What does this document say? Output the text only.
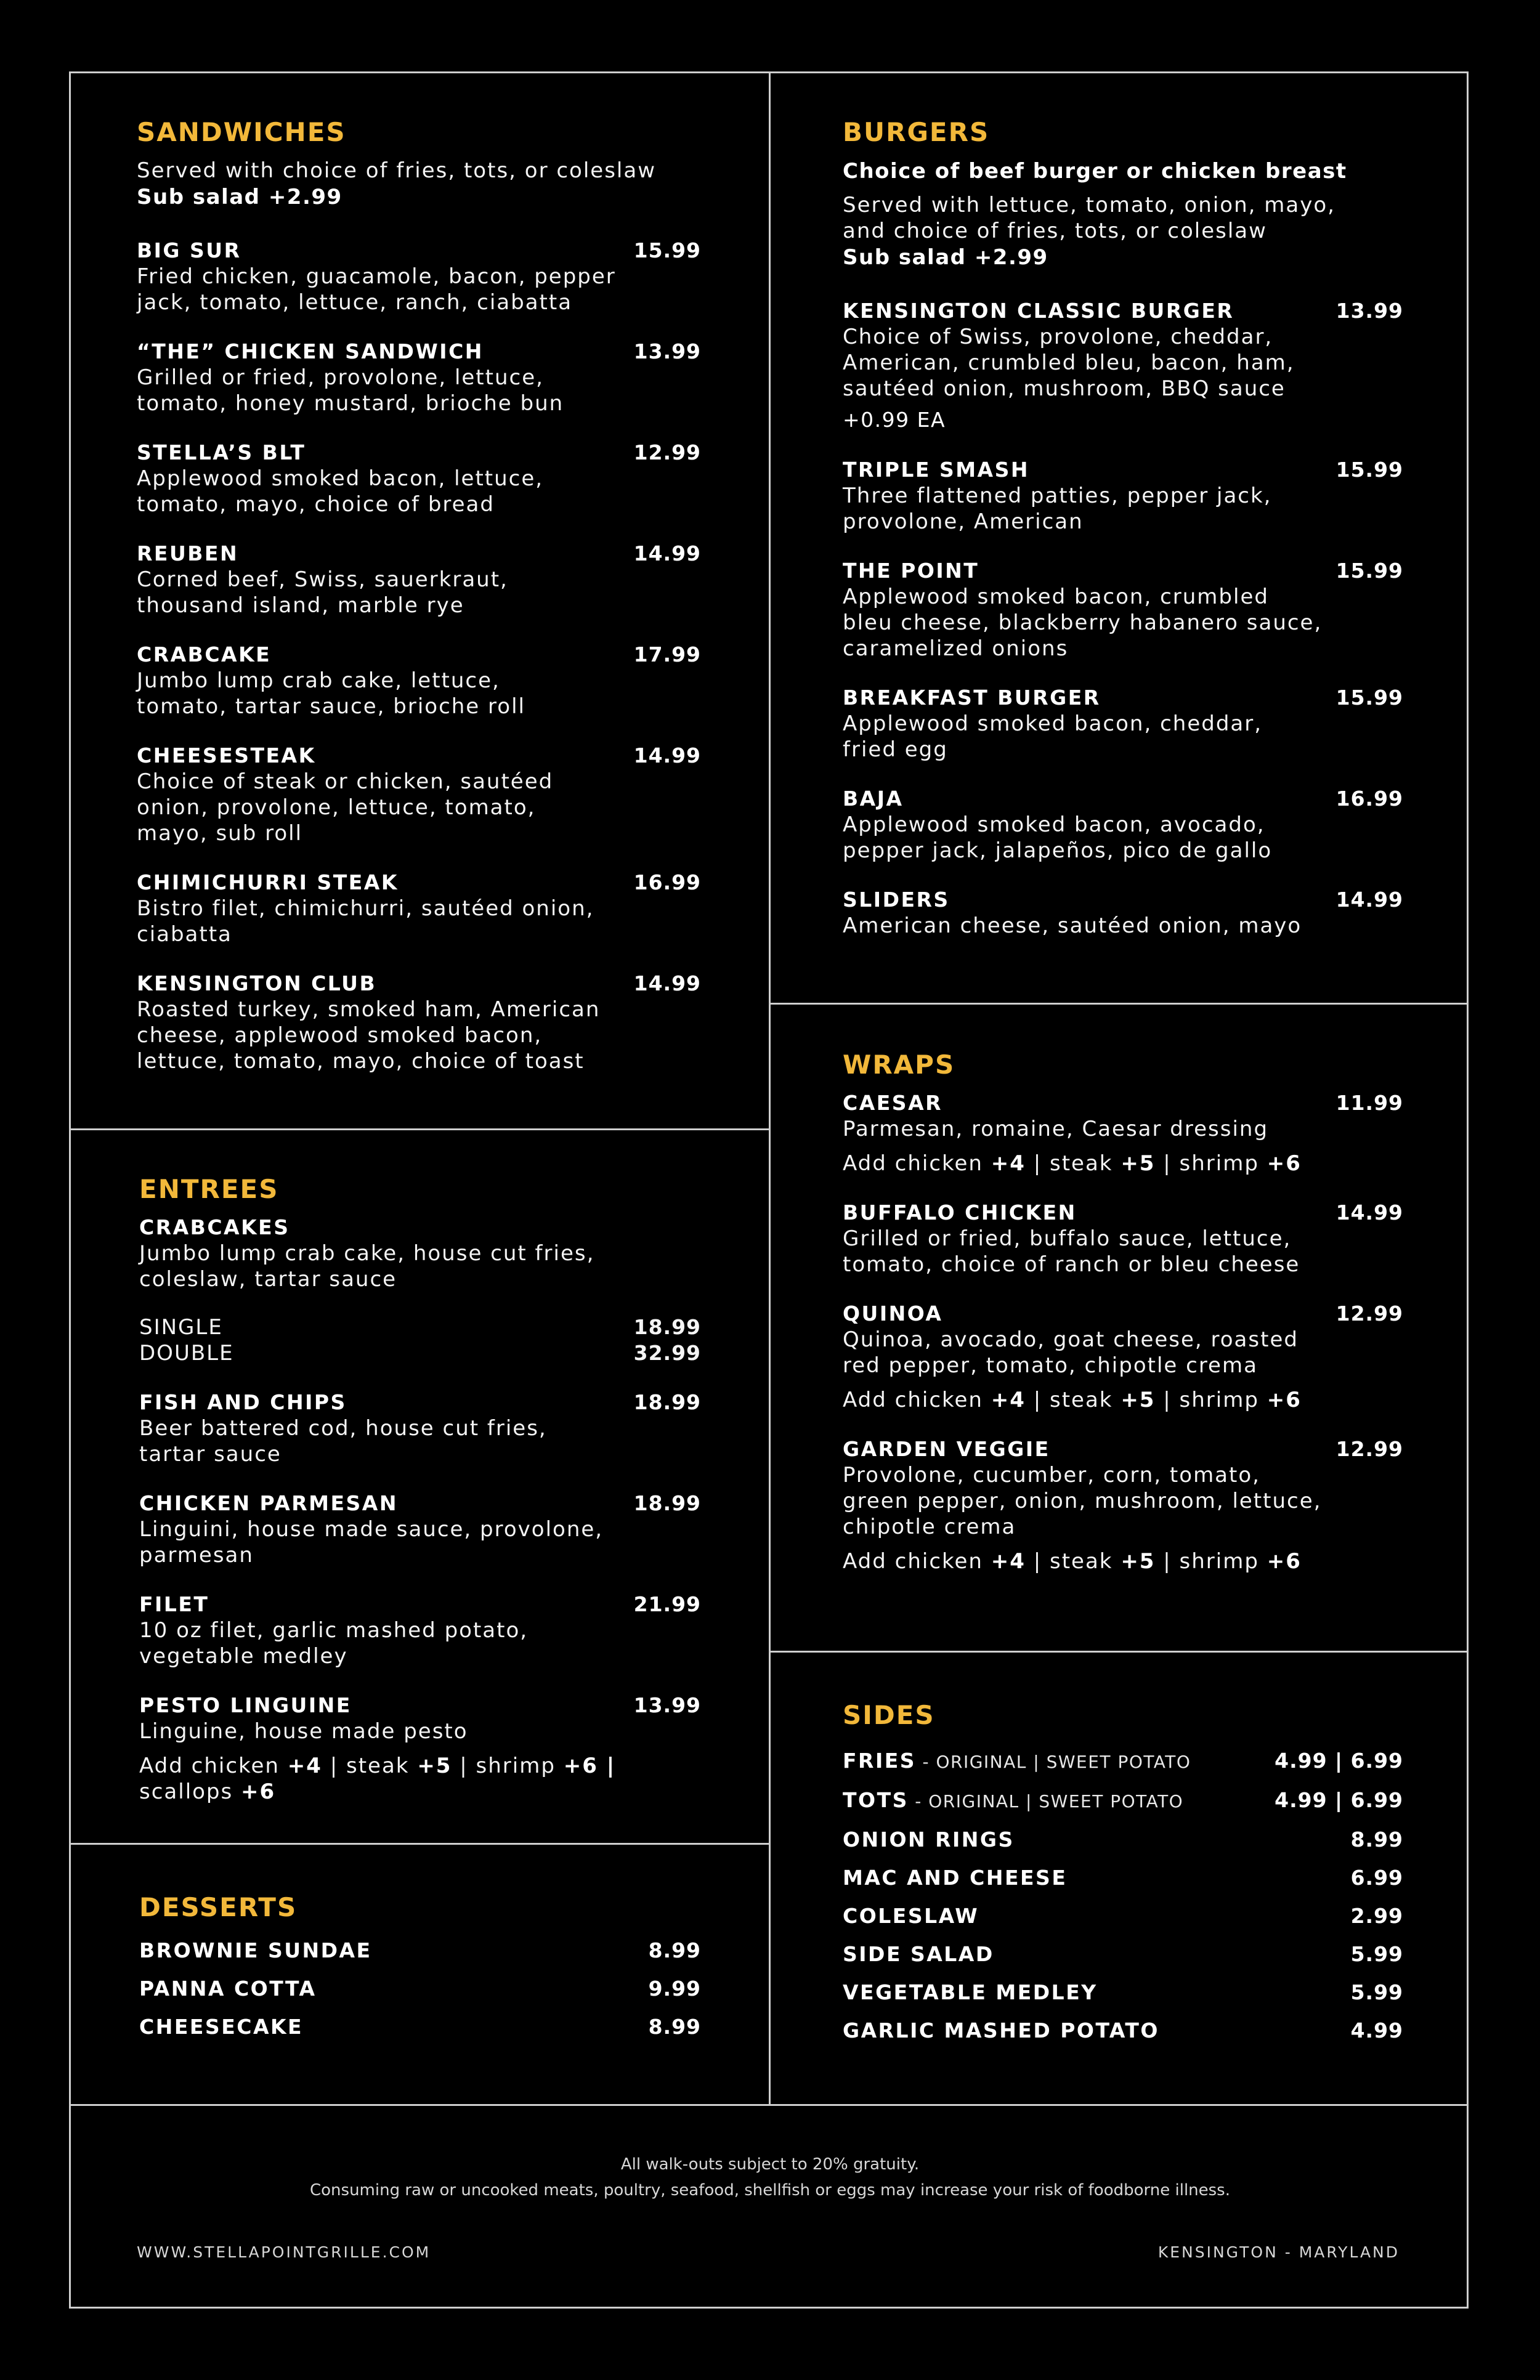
SANDWICHES
Served with choice of fries, tots, or coleslaw
Sub salad +2.99
BIG SUR	15.99
Fried chicken, guacamole, bacon, pepper
jack, tomato, lettuce, ranch, ciabatta
“THE” CHICKEN SANDWICH	13.99
Grilled or fried, provolone, lettuce,
tomato, honey mustard, brioche bun
STELLA’S BLT	12.99
Applewood smoked bacon, lettuce,
tomato, mayo, choice of bread
REUBEN	14.99
Corned beef, Swiss, sauerkraut,
thousand island, marble rye
CRABCAKE	17.99
Jumbo lump crab cake, lettuce,
tomato, tartar sauce, brioche roll
CHEESESTEAK	14.99
Choice of steak or chicken, sautéed
onion, provolone, lettuce, tomato,
mayo, sub roll
CHIMICHURRI STEAK	16.99
Bistro filet, chimichurri, sautéed onion,
ciabatta
KENSINGTON CLUB	14.99
Roasted turkey, smoked ham, American
cheese, applewood smoked bacon,
lettuce, tomato, mayo, choice of toast
ENTREES
CRABCAKES
Jumbo lump crab cake, house cut fries,
coleslaw, tartar sauce
SINGLE	18.99
DOUBLE	32.99
FISH AND CHIPS	18.99
Beer battered cod, house cut fries,
tartar sauce
CHICKEN PARMESAN	18.99
Linguini, house made sauce, provolone,
parmesan
FILET	21.99
10 oz filet, garlic mashed potato,
vegetable medley
PESTO LINGUINE	13.99
Linguine, house made pesto
Add chicken +4 | steak +5 | shrimp +6 | scallops +6
DESSERTS
BROWNIE SUNDAE	8.99
PANNA COTTA	9.99
CHEESECAKE	8.99
BURGERS
Choice of beef burger or chicken breast
Served with lettuce, tomato, onion, mayo,
and choice of fries, tots, or coleslaw
Sub salad +2.99
KENSINGTON CLASSIC BURGER	13.99
Choice of Swiss, provolone, cheddar,
American, crumbled bleu, bacon, ham,
sautéed onion, mushroom, BBQ sauce
+0.99 EA
TRIPLE SMASH	15.99
Three flattened patties, pepper jack,
provolone, American
THE POINT	15.99
Applewood smoked bacon, crumbled
bleu cheese, blackberry habanero sauce,
caramelized onions
BREAKFAST BURGER	15.99
Applewood smoked bacon, cheddar,
fried egg
BAJA	16.99
Applewood smoked bacon, avocado,
pepper jack, jalapeños, pico de gallo
SLIDERS	14.99
American cheese, sautéed onion, mayo
WRAPS
CAESAR	11.99
Parmesan, romaine, Caesar dressing
Add chicken +4 | steak +5 | shrimp +6
BUFFALO CHICKEN	14.99
Grilled or fried, buffalo sauce, lettuce,
tomato, choice of ranch or bleu cheese
QUINOA	12.99
Quinoa, avocado, goat cheese, roasted
red pepper, tomato, chipotle crema
Add chicken +4 | steak +5 | shrimp +6
GARDEN VEGGIE	12.99
Provolone, cucumber, corn, tomato,
green pepper, onion, mushroom, lettuce,
chipotle crema
Add chicken +4 | steak +5 | shrimp +6
SIDES
FRIES - ORIGINAL | SWEET POTATO	4.99 | 6.99
TOTS - ORIGINAL | SWEET POTATO	4.99 | 6.99
ONION RINGS	8.99
MAC AND CHEESE	6.99
COLESLAW	2.99
SIDE SALAD	5.99
VEGETABLE MEDLEY	5.99
GARLIC MASHED POTATO	4.99
All walk-outs subject to 20% gratuity.
Consuming raw or uncooked meats, poultry, seafood, shellfish or eggs may increase your risk of foodborne illness.
WWW.STELLAPOINTGRILLE.COM	KENSINGTON - MARYLAND
